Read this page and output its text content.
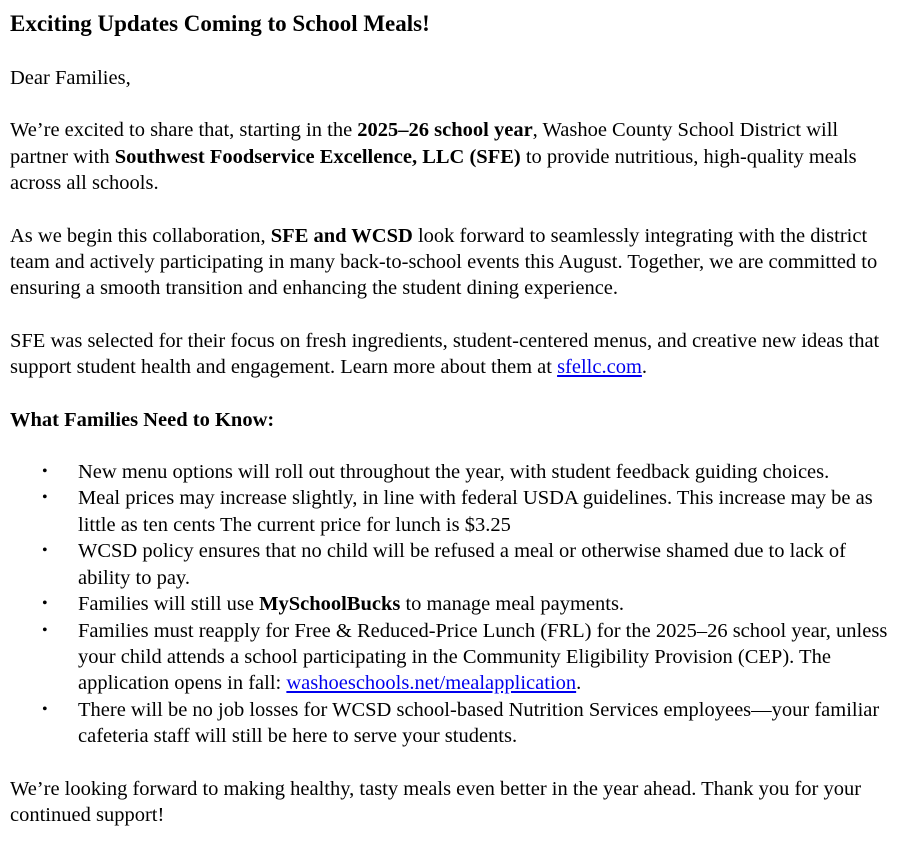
Exciting Updates Coming to School Meals!

Dear Families,

We’re excited to share that, starting in the 2025–26 school year, Washoe County School District will partner with Southwest Foodservice Excellence, LLC (SFE) to provide nutritious, high-quality meals across all schools.

As we begin this collaboration, SFE and WCSD look forward to seamlessly integrating with the district team and actively participating in many back-to-school events this August. Together, we are committed to ensuring a smooth transition and enhancing the student dining experience.

SFE was selected for their focus on fresh ingredients, student-centered menus, and creative new ideas that support student health and engagement. Learn more about them at sfellc.com.

What Families Need to Know:

• New menu options will roll out throughout the year, with student feedback guiding choices.
• Meal prices may increase slightly, in line with federal USDA guidelines. This increase may be as little as ten cents The current price for lunch is $3.25
• WCSD policy ensures that no child will be refused a meal or otherwise shamed due to lack of ability to pay.
• Families will still use MySchoolBucks to manage meal payments.
• Families must reapply for Free & Reduced-Price Lunch (FRL) for the 2025–26 school year, unless your child attends a school participating in the Community Eligibility Provision (CEP). The application opens in fall: washoeschools.net/mealapplication.
• There will be no job losses for WCSD school-based Nutrition Services employees—your familiar cafeteria staff will still be here to serve your students.

We’re looking forward to making healthy, tasty meals even better in the year ahead. Thank you for your continued support!
